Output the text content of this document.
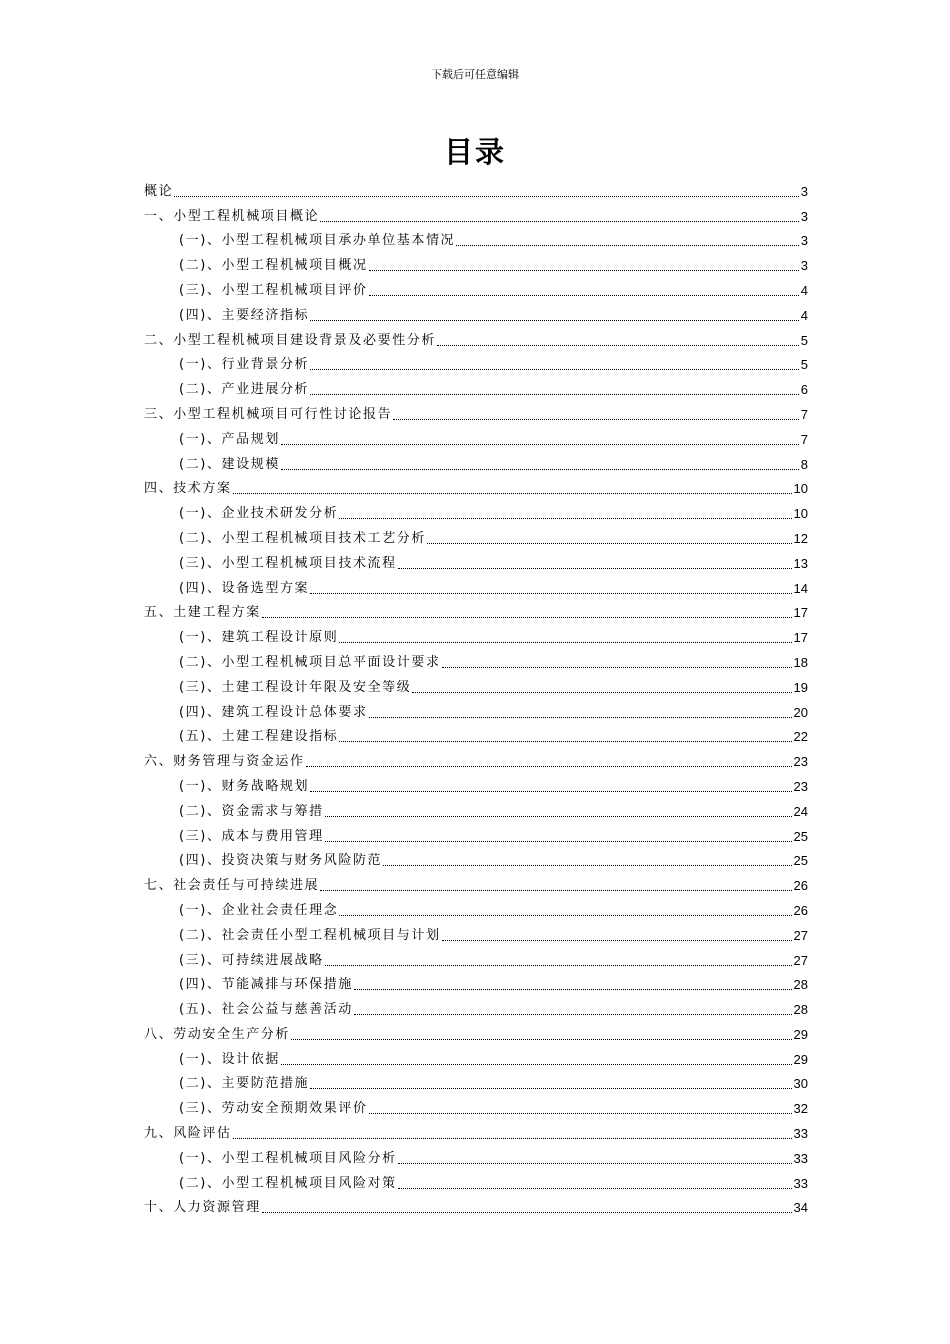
下载后可任意编辑
目录
概论	3
一、小型工程机械项目概论	3
(一)、小型工程机械项目承办单位基本情况	3
(二)、小型工程机械项目概况	3
(三)、小型工程机械项目评价	4
(四)、主要经济指标	4
二、小型工程机械项目建设背景及必要性分析	5
(一)、行业背景分析	5
(二)、产业进展分析	6
三、小型工程机械项目可行性讨论报告	7
(一)、产品规划	7
(二)、建设规模	8
四、技术方案	10
(一)、企业技术研发分析	10
(二)、小型工程机械项目技术工艺分析	12
(三)、小型工程机械项目技术流程	13
(四)、设备选型方案	14
五、土建工程方案	17
(一)、建筑工程设计原则	17
(二)、小型工程机械项目总平面设计要求	18
(三)、土建工程设计年限及安全等级	19
(四)、建筑工程设计总体要求	20
(五)、土建工程建设指标	22
六、财务管理与资金运作	23
(一)、财务战略规划	23
(二)、资金需求与筹措	24
(三)、成本与费用管理	25
(四)、投资决策与财务风险防范	25
七、社会责任与可持续进展	26
(一)、企业社会责任理念	26
(二)、社会责任小型工程机械项目与计划	27
(三)、可持续进展战略	27
(四)、节能减排与环保措施	28
(五)、社会公益与慈善活动	28
八、劳动安全生产分析	29
(一)、设计依据	29
(二)、主要防范措施	30
(三)、劳动安全预期效果评价	32
九、风险评估	33
(一)、小型工程机械项目风险分析	33
(二)、小型工程机械项目风险对策	33
十、人力资源管理	34
